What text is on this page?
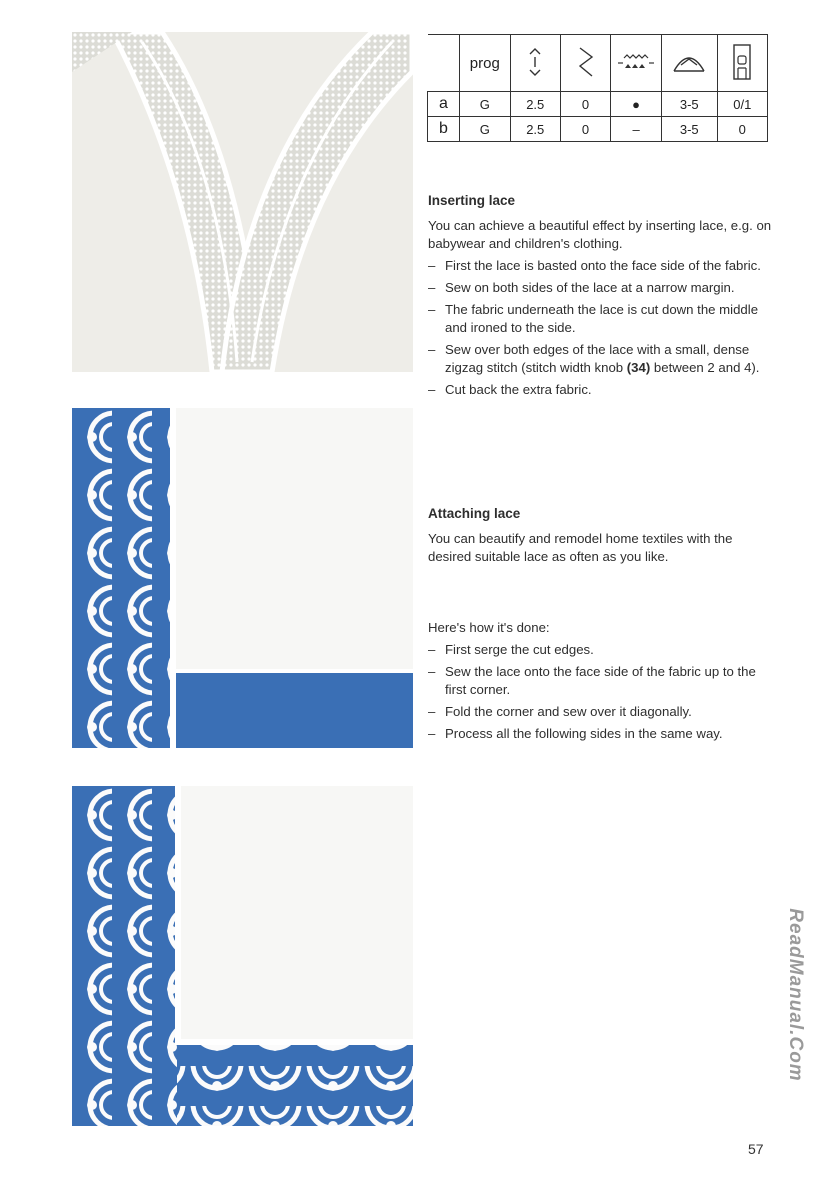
	prog					
a	G	2.5	0	●	3-5	0/1
b	G	2.5	0	–	3-5	0

Inserting lace

You can achieve a beautiful effect by inserting lace, e.g. on babywear and children's clothing.

– First the lace is basted onto the face side of the fabric.
– Sew on both sides of the lace at a narrow margin.
– The fabric underneath the lace is cut down the middle and ironed to the side.
– Sew over both edges of the lace with a small, dense zigzag stitch (stitch width knob (34) between 2 and 4).
– Cut back the extra fabric.

Attaching lace

You can beautify and remodel home textiles with the desired suitable lace as often as you like.

Here's how it's done:

– First serge the cut edges.
– Sew the lace onto the face side of the fabric up to the first corner.
– Fold the corner and sew over it diagonally.
– Process all the following sides in the same way.
ReadManual.Com
57
